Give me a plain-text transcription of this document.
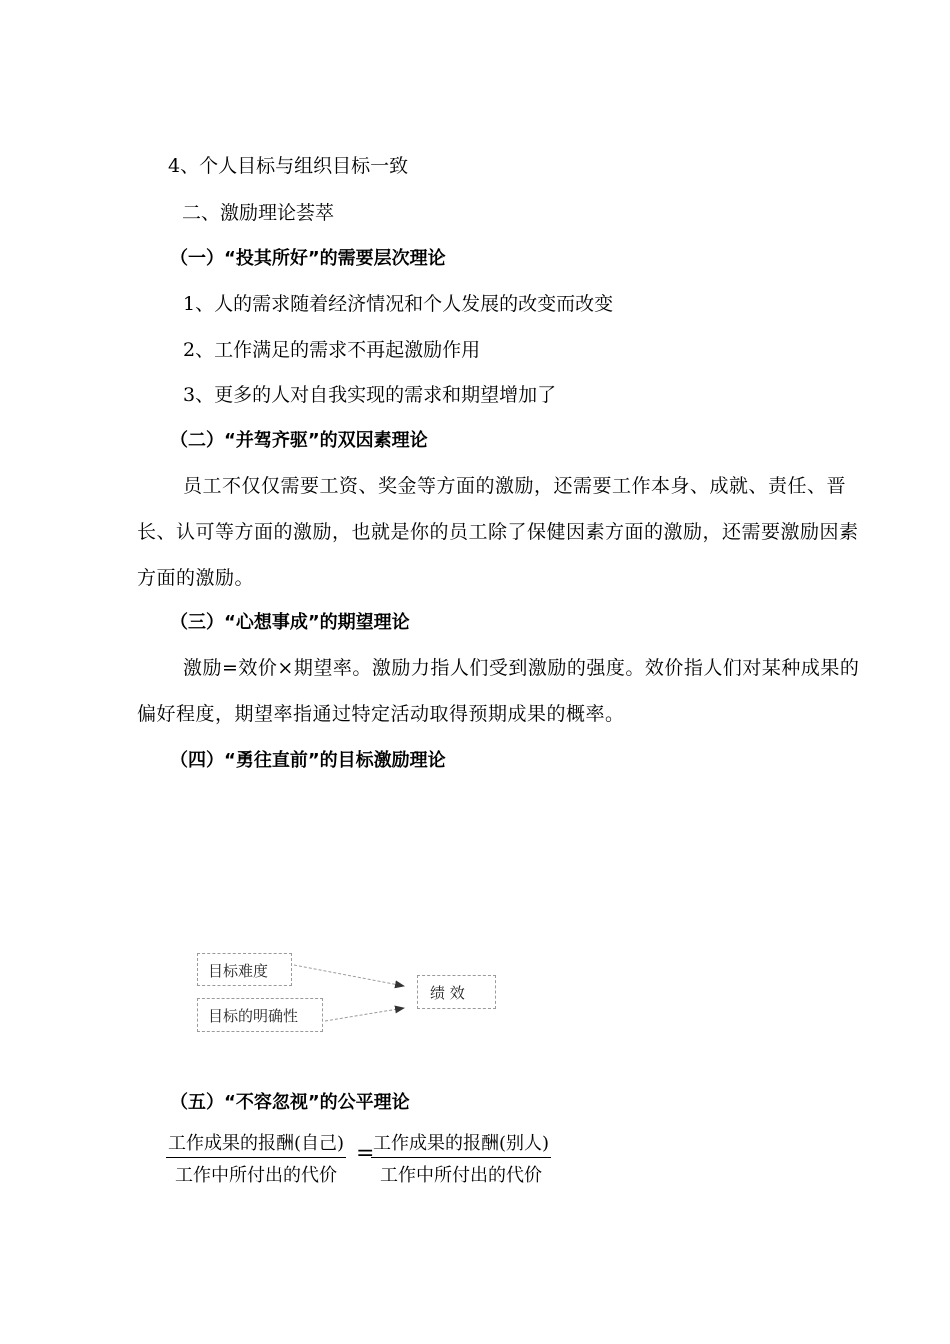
4、个人目标与组织目标一致
二、激励理论荟萃
（一）“投其所好”的需要层次理论
1、人的需求随着经济情况和个人发展的改变而改变
2、工作满足的需求不再起激励作用
3、更多的人对自我实现的需求和期望增加了
（二）“并驾齐驱”的双因素理论
员工不仅仅需要工资、奖金等方面的激励，还需要工作本身、成就、责任、晋长、认可等方面的激励，也就是你的员工除了保健因素方面的激励，还需要激励因素方面的激励。
（三）“心想事成”的期望理论
激励=效价×期望率。激励力指人们受到激励的强度。效价指人们对某种成果的偏好程度，期望率指通过特定活动取得预期成果的概率。
（四）“勇往直前”的目标激励理论
目标难度
目标的明确性
绩 效
（五）“不容忽视”的公平理论
工作成果的报酬(自己)
工作中所付出的代价
=
工作成果的报酬(别人)
工作中所付出的代价
